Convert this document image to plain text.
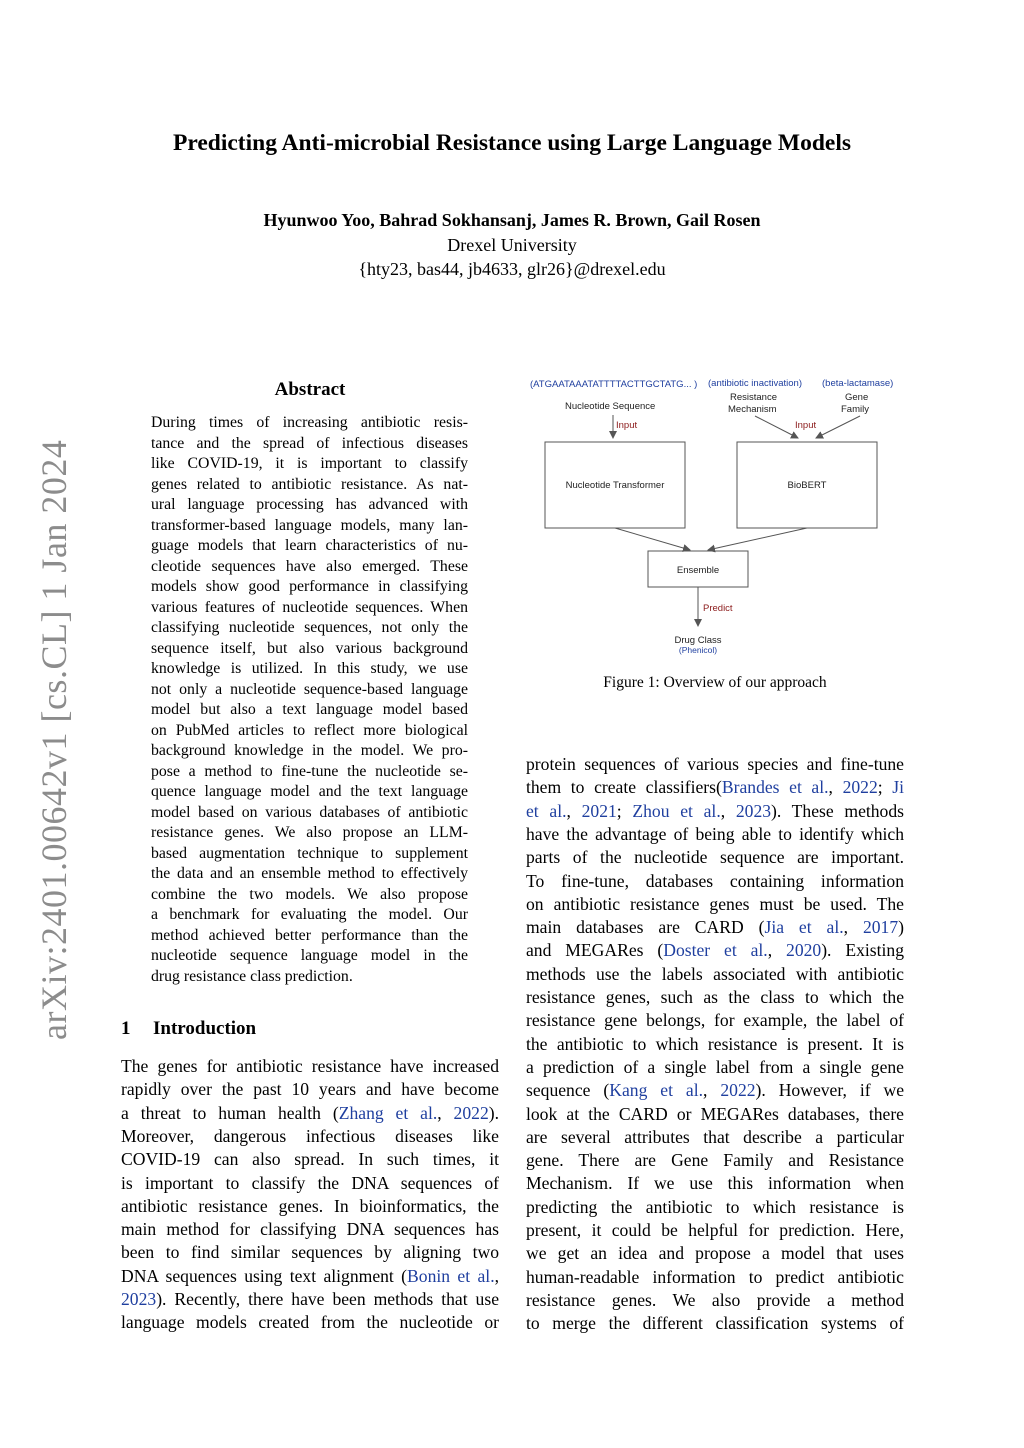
Predicting Anti-microbial Resistance using Large Language Models
Hyunwoo Yoo, Bahrad Sokhansanj, James R. Brown, Gail Rosen
Drexel University
{hty23, bas44, jb4633, glr26}@drexel.edu
arXiv:2401.00642v1 [cs.CL] 1 Jan 2024
Abstract
During times of increasing antibiotic resis-
tance and the spread of infectious diseases
like COVID-19, it is important to classify
genes related to antibiotic resistance. As nat-
ural language processing has advanced with
transformer-based language models, many lan-
guage models that learn characteristics of nu-
cleotide sequences have also emerged. These
models show good performance in classifying
various features of nucleotide sequences. When
classifying nucleotide sequences, not only the
sequence itself, but also various background
knowledge is utilized. In this study, we use
not only a nucleotide sequence-based language
model but also a text language model based
on PubMed articles to reflect more biological
background knowledge in the model. We pro-
pose a method to fine-tune the nucleotide se-
quence language model and the text language
model based on various databases of antibiotic
resistance genes. We also propose an LLM-
based augmentation technique to supplement
the data and an ensemble method to effectively
combine the two models. We also propose
a benchmark for evaluating the model. Our
method achieved better performance than the
nucleotide sequence language model in the
drug resistance class prediction.
1 Introduction
The genes for antibiotic resistance have increased
rapidly over the past 10 years and have become
a threat to human health (Zhang et al., 2022).
Moreover, dangerous infectious diseases like
COVID-19 can also spread. In such times, it
is important to classify the DNA sequences of
antibiotic resistance genes. In bioinformatics, the
main method for classifying DNA sequences has
been to find similar sequences by aligning two
DNA sequences using text alignment (Bonin et al.,
2023). Recently, there have been methods that use
language models created from the nucleotide or
protein sequences of various species and fine-tune
them to create classifiers(Brandes et al., 2022; Ji
et al., 2021; Zhou et al., 2023). These methods
have the advantage of being able to identify which
parts of the nucleotide sequence are important.
To fine-tune, databases containing information
on antibiotic resistance genes must be used. The
main databases are CARD (Jia et al., 2017)
and MEGARes (Doster et al., 2020). Existing
methods use the labels associated with antibiotic
resistance genes, such as the class to which the
resistance gene belongs, for example, the label of
the antibiotic to which resistance is present. It is
a prediction of a single label from a single gene
sequence (Kang et al., 2022). However, if we
look at the CARD or MEGARes databases, there
are several attributes that describe a particular
gene. There are Gene Family and Resistance
Mechanism. If we use this information when
predicting the antibiotic to which resistance is
present, it could be helpful for prediction. Here,
we get an idea and propose a model that uses
human-readable information to predict antibiotic
resistance genes. We also provide a method
to merge the different classification systems of
(ATGAATAAATATTTTACTTGCTATG... )
Nucleotide Sequence
(antibiotic inactivation)
Resistance
Mechanism
(beta-lactamase)
Gene
Family
Input	Input
Nucleotide Transformer	BioBERT
Ensemble
Predict
Drug Class
(Phenicol)
Figure 1: Overview of our approach
